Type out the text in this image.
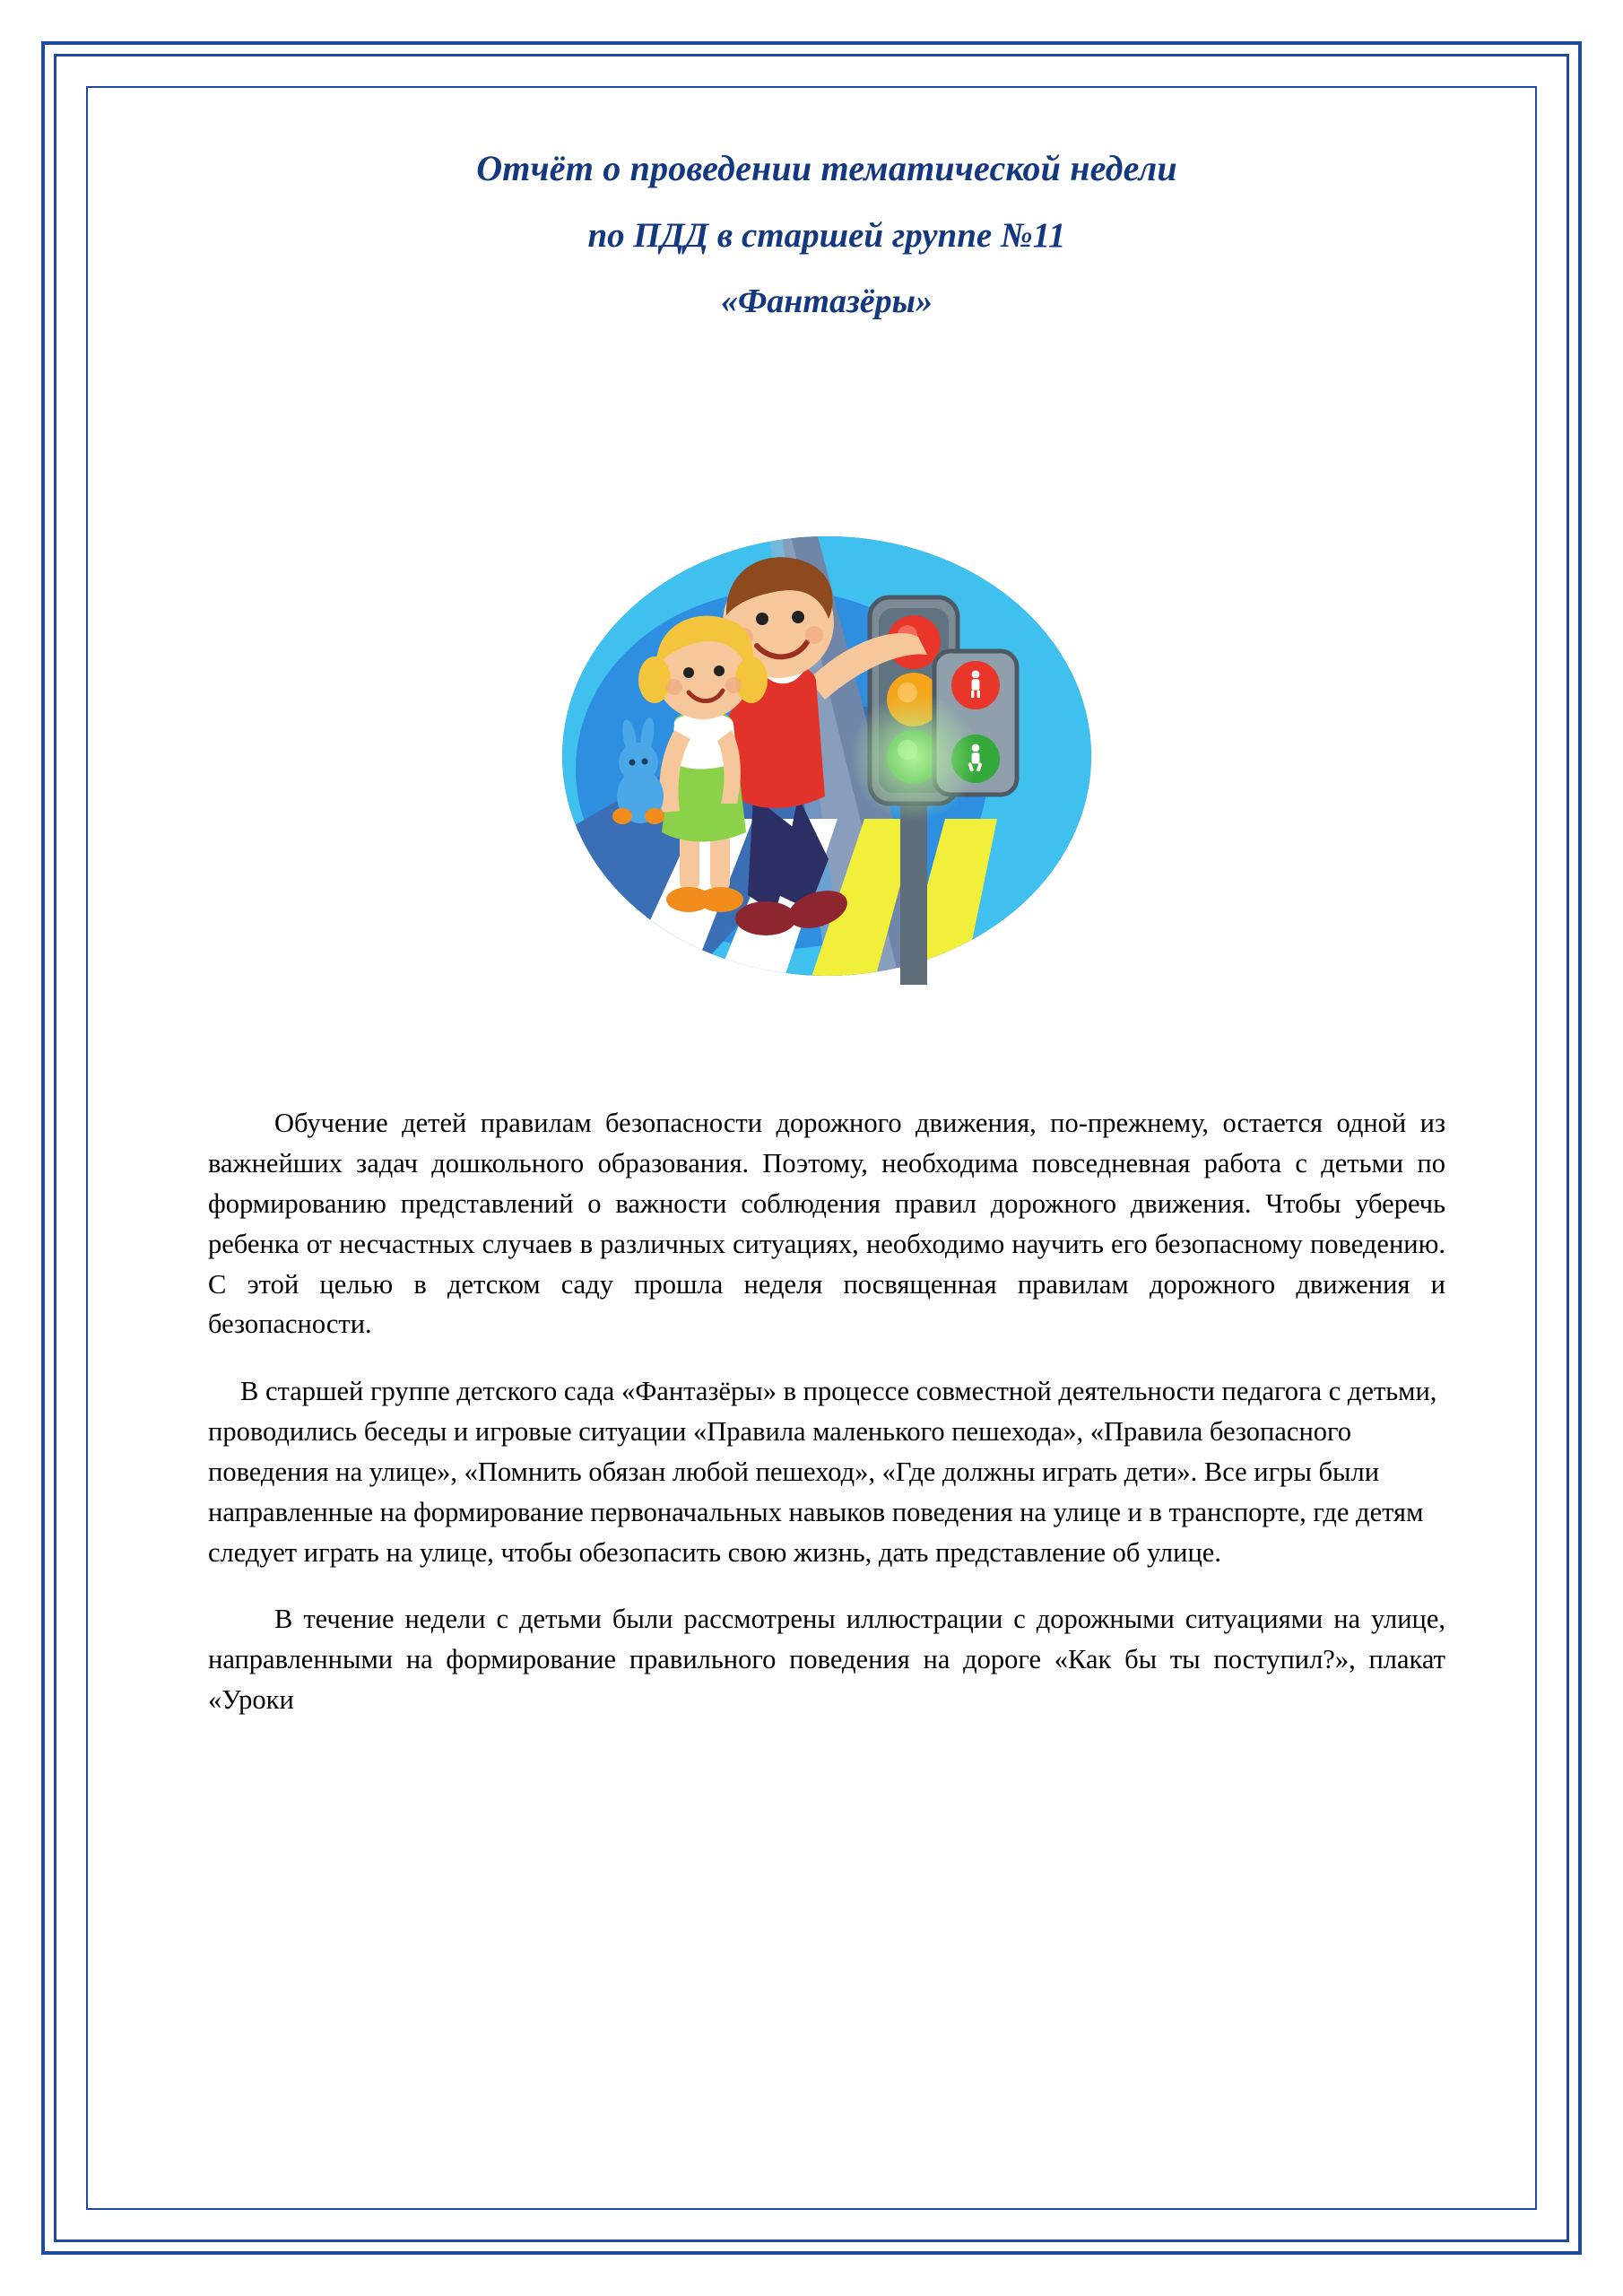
Отчёт о проведении тематической недели
по ПДД в старшей группе №11
«Фантазёры»

Обучение детей правилам безопасности дорожного движения, по-прежнему, остается одной из важнейших задач дошкольного образования. Поэтому, необходима повседневная работа с детьми по формированию представлений о важности соблюдения правил дорожного движения. Чтобы уберечь ребенка от несчастных случаев в различных ситуациях, необходимо научить его безопасному поведению. С этой целью в детском саду прошла неделя посвященная правилам дорожного движения и безопасности.

В старшей группе детского сада «Фантазёры» в процессе совместной деятельности педагога с детьми, проводились беседы и игровые ситуации «Правила маленького пешехода», «Правила безопасного поведения на улице», «Помнить обязан любой пешеход», «Где должны играть дети». Все игры были направленные на формирование первоначальных навыков поведения на улице и в транспорте, где детям следует играть на улице, чтобы обезопасить свою жизнь, дать представление об улице.

В течение недели с детьми были рассмотрены иллюстрации с дорожными ситуациями на улице, направленными на формирование правильного поведения на дороге «Как бы ты поступил?», плакат «Уроки
